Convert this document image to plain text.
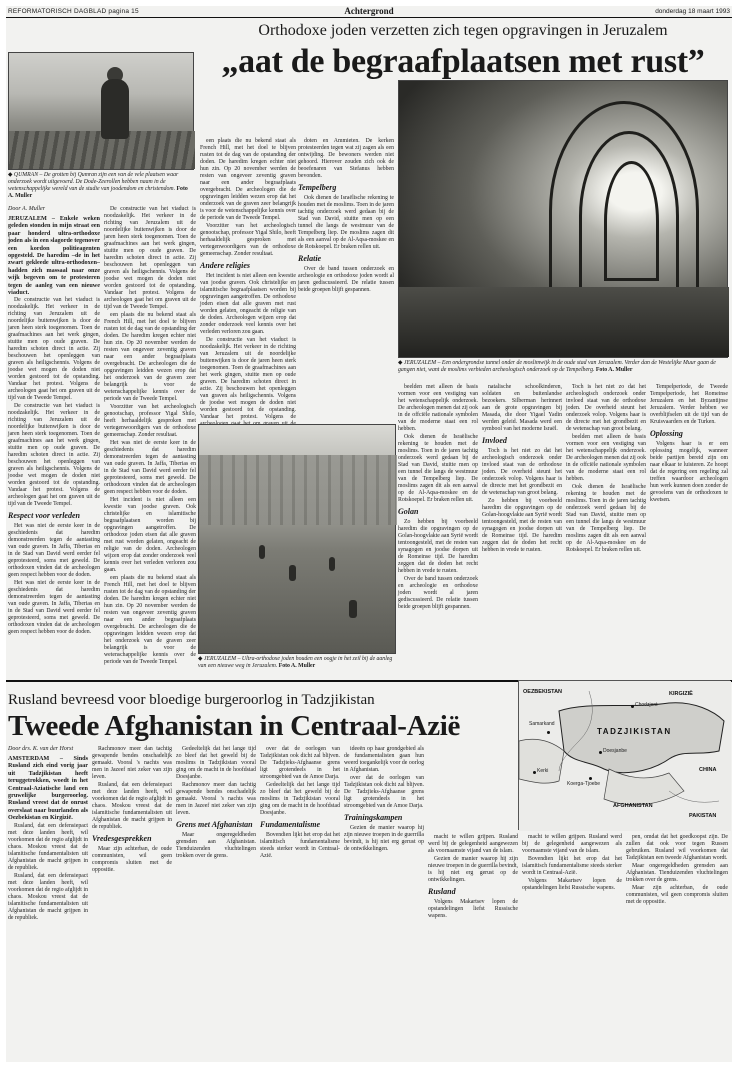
REFORMATORISCH DAGBLAD pagina 15	Achtergrond	donderdag 18 maart 1993
Orthodoxe joden verzetten zich tegen opgravingen in Jeruzalem
„aat de begraafplaatsen met rust”
◆ QUMRAN – De grotten bij Qumran zijn een van de vele plaatsen waar onderzoek wordt uitgevoerd. De Dode-Zeerollen hebben naam in de wetenschappelijke wereld van de studie van joodendom en christendom. Foto A. Muller

Door A. Muller

JERUZALEM – Enkele weken geleden stonden in mijn straat een paar honderd ultra-orthodoxe joden als in een slagorde tegenover een kordon politieagenten opgesteld. De haredim –de in het zwart gekleede ultra-orthodoxen– hadden zich massaal naar onze wijk begeven om te protesteren tegen de aanleg van een nieuwe viaduct.

De constructie van het viaduct is noodzakelijk. Het verkeer in de richting van Jeruzalem uit de noordelijke buitenwijken is door de jaren heen sterk toegenomen. Toen de graafmachines aan het werk gingen, stuitte men op oude graven. De haredim schoten direct in actie. Zij beschouwen het openleggen van graven als heiligschennis. Volgens de joodse wet mogen de doden niet worden gestoord tot de opstanding. Vandaar het protest. Volgens de archeologen gaat het om graven uit de tijd van de Tweede Tempel.

De constructie van het viaduct is noodzakelijk. Het verkeer in de richting van Jeruzalem uit de noordelijke buitenwijken is door de jaren heen sterk toegenomen. Toen de graafmachines aan het werk gingen, stuitte men op oude graven. De haredim schoten direct in actie. Zij beschouwen het openleggen van graven als heiligschennis. Volgens de joodse wet mogen de doden niet worden gestoord tot de opstanding. Vandaar het protest. Volgens de archeologen gaat het om graven uit de tijd van de Tweede Tempel.

Respect voor verleden

Het was niet de eerste keer in de geschiedenis dat haredim demonstreerden tegen de aantasting van oude graven. In Jaffa, Tiberias en in de Stad van David werd eerder fel geprotesteerd, soms met geweld. De orthodoxen vinden dat de archeologen geen respect hebben voor de doden.

Het was niet de eerste keer in de geschiedenis dat haredim demonstreerden tegen de aantasting van oude graven. In Jaffa, Tiberias en in de Stad van David werd eerder fel geprotesteerd, soms met geweld. De orthodoxen vinden dat de archeologen geen respect hebben voor de doden.

De constructie van het viaduct is noodzakelijk. Het verkeer in de richting van Jeruzalem uit de noordelijke buitenwijken is door de jaren heen sterk toegenomen. Toen de graafmachines aan het werk gingen, stuitte men op oude graven. De haredim schoten direct in actie. Zij beschouwen het openleggen van graven als heiligschennis. Volgens de joodse wet mogen de doden niet worden gestoord tot de opstanding. Vandaar het protest. Volgens de archeologen gaat het om graven uit de tijd van de Tweede Tempel.

een plaats die nu bekend staat als French Hill, met het doel te blijven rusten tot de dag van de opstanding der doden. De haredim kregen echter niet hun zin. Op 20 november werden de resten van ongeveer zeventig graven naar een ander begraafplaats overgebracht. De archeologen die de opgravingen leidden wezen erop dat het onderzoek van de graven zeer belangrijk is voor de wetenschappelijke kennis over de periode van de Tweede Tempel.

Voorzitter van het archeologisch genootschap, professor Yigal Shilo, heeft herhaaldelijk gesproken met vertegenwoordigers van de orthodoxe gemeenschap. Zonder resultaat.

Het was niet de eerste keer in de geschiedenis dat haredim demonstreerden tegen de aantasting van oude graven. In Jaffa, Tiberias en in de Stad van David werd eerder fel geprotesteerd, soms met geweld. De orthodoxen vinden dat de archeologen geen respect hebben voor de doden.

Het incident is niet alleen een kwestie van joodse graven. Ook christelijke en islamitische begraafplaatsen worden bij opgravingen aangetroffen. De orthodoxe joden eisen dat alle graven met rust worden gelaten, ongeacht de religie van de doden. Archeologen wijzen erop dat zonder onderzoek veel kennis over het verleden verloren zou gaan.

een plaats die nu bekend staat als French Hill, met het doel te blijven rusten tot de dag van de opstanding der doden. De haredim kregen echter niet hun zin. Op 20 november werden de resten van ongeveer zeventig graven naar een ander begraafplaats overgebracht. De archeologen die de opgravingen leidden wezen erop dat het onderzoek van de graven zeer belangrijk is voor de wetenschappelijke kennis over de periode van de Tweede Tempel.

een plaats die nu bekend staat als French Hill, met het doel te blijven rusten tot de dag van de opstanding der doden. De haredim kregen echter niet hun zin. Op 20 november werden de resten van ongeveer zeventig graven naar een ander begraafplaats overgebracht. De archeologen die de opgravingen leidden wezen erop dat het onderzoek van de graven zeer belangrijk is voor de wetenschappelijke kennis over de periode van de Tweede Tempel.

Voorzitter van het archeologisch genootschap, professor Yigal Shilo, heeft herhaaldelijk gesproken met vertegenwoordigers van de orthodoxe gemeenschap. Zonder resultaat.

Andere religies

Het incident is niet alleen een kwestie van joodse graven. Ook christelijke en islamitische begraafplaatsen worden bij opgravingen aangetroffen. De orthodoxe joden eisen dat alle graven met rust worden gelaten, ongeacht de religie van de doden. Archeologen wijzen erop dat zonder onderzoek veel kennis over het verleden verloren zou gaan.

De constructie van het viaduct is noodzakelijk. Het verkeer in de richting van Jeruzalem uit de noordelijke buitenwijken is door de jaren heen sterk toegenomen. Toen de graafmachines aan het werk gingen, stuitte men op oude graven. De haredim schoten direct in actie. Zij beschouwen het openleggen van graven als heiligschennis. Volgens de joodse wet mogen de doden niet worden gestoord tot de opstanding. Vandaar het protest. Volgens de

doten en Ammieten. De kerken protesteerden tegen wat zij zagen als een ontwijding. De bewoners werden niet gehoord. Hierover zouden zich ook de beoefenaren van Stefanus hebben bevonden.

Tempelberg

Ook dienen de Israëlische rekening te houden met de moslims. Toen in de jaren tachtig onderzoek werd gedaan bij de Stad van David, stuitte men op een tunnel die langs de westmuur van de Tempelberg liep. De moslims zagen dit als een aanval op de Al-Aqsa-moskee en de Rotskoepel. Er braken rellen uit.

Relatie

Over de band tussen onderzoek en archeologie en orthodoxe joden wordt al jaren gediscussieerd. De relatie tussen beide groepen blijft gespannen.

◆ JERUZALEM – Een ondergrondse tunnel onder de moslimwijk in de oude stad van Jeruzalem. Verder dan de Westelijke Muur gaan de gangen niet, want de moslims verbieden archeologisch onderzoek op de Tempelberg. Foto A. Muller
◆ JERUZALEM – Ultra-orthodoxe joden houden een oogje in het zeil bij de aanleg van een nieuwe weg in Jeruzalem. Foto A. Muller

beelden met alleen de basis vormen voor een vestiging van het wetenschappelijk onderzoek. De archeologen menen dat zij ook in de offciële nationale symbolen van de moderne staat een rol hebben.

Ook dienen de Israëlische rekening te houden met de moslims. Toen in de jaren tachtig onderzoek werd gedaan bij de Stad van David, stuitte men op een tunnel die langs de westmuur van de Tempelberg liep. De moslims zagen dit als een aanval op de Al-Aqsa-moskee en de Rotskoepel. Er braken rellen uit.

Golan

Zo hebben bij voorbeeld haredim die opgravingen op de Golan-hoogvlakte aan Syrië wordt tentoongesteld, met de resten van synagogen en joodse dorpen uit de Romeinse tijd. De haredim zeggen dat de doden het recht hebben in vrede te rusten.

Over de band tussen onderzoek en archeologie en orthodoxe joden wordt al jaren gediscussieerd. De relatie tussen beide groepen blijft gespannen.

natalische schoolkinderen, soldaten en buitenlandse bezoekers. Silberman herinnert aan de grote opgravingen bij Masada, die door Yigael Yadin werden geleid. Masada werd een symbool van het moderne Israël.

Invloed

Toch is het niet zo dat het archeologisch onderzoek onder invloed staat van de orthodoxe joden. De overheid steunt het onderzoek volop. Volgens haar is de directe met het grondbezit en de wetenschap van groot belang.

Zo hebben bij voorbeeld haredim die opgravingen op de Golan-hoogvlakte aan Syrië wordt tentoongesteld, met de resten van synagogen en joodse dorpen uit de Romeinse tijd. De haredim zeggen dat de doden het recht hebben in vrede te rusten.

Toch is het niet zo dat het archeologisch onderzoek onder invloed staat van de orthodoxe joden. De overheid steunt het onderzoek volop. Volgens haar is de directe met het grondbezit en de wetenschap van groot belang.

beelden met alleen de basis vormen voor een vestiging van het wetenschappelijk onderzoek. De archeologen menen dat zij ook in de offciële nationale symbolen van de moderne staat een rol hebben.

Ook dienen de Israëlische rekening te houden met de moslims. Toen in de jaren tachtig onderzoek werd gedaan bij de Stad van David, stuitte men op een tunnel die langs de westmuur van de Tempelberg liep. De moslims zagen dit als een aanval op de Al-Aqsa-moskee en de Rotskoepel. Er braken rellen uit.

Tempelperiode, de Tweede Tempelperiode, het Romeinse Jeruzalem en het Byzantijnse Jeruzalem. Verder hebben we overblijfselen uit de tijd van de Kruisvaarders en de Turken.

Oplossing

Volgens haar is er een oplossing mogelijk, wanneer beide partijen bereid zijn om naar elkaar te luisteren. Ze hoopt dat de regering een regeling zal treffen waardoor archeologen hun werk kunnen doen zonder de gevoelens van de orthodoxen te kwetsen.

Rusland bevreesd voor bloedige burgeroorlog in Tadzjikistan
Tweede Afghanistan in Centraal-Azië

Door drs. K. van der Horst

AMSTERDAM – Sinds Rusland zich eind vorig jaar uit Tadzjikistan heeft teruggetrokken, woedt in het Centraal-Aziatische land een gruwelijke burgeroorlog. Rusland vreest dat de onrust overslaat naar buurlanden als Oezbekistan en Kirgizië.

Rusland, dat een defensiepact met deze landen heeft, wil voorkomen dat de regio afglijdt in chaos. Moskou vreest dat de islamitische fundamentalisten uit Afghanistan de macht grijpen in de republiek.

Rusland, dat een defensiepact met deze landen heeft, wil voorkomen dat de regio afglijdt in chaos. Moskou vreest dat de islamitische fundamentalisten uit Afghanistan de macht grijpen in de republiek.

Rachmonov meer dan tachtig gewapende bendes onschadelijk gemaakt. Vooral 's nachts was men in Jazeef niet zeker van zijn leven.

Rusland, dat een defensiepact met deze landen heeft, wil voorkomen dat de regio afglijdt in chaos. Moskou vreest dat de islamitische fundamentalisten uit Afghanistan de macht grijpen in de republiek.

Vredesgesprekken

Maar zijn achterban, de oude communisten, wil geen compromis sluiten met de oppositie.

Gedeeltelijk dat het lange tijd zo bleef dat het geweld bij de moslims in Tadzjikistan vooral ging om de macht in de hoofdstad Doesjanbe.

Rachmonov meer dan tachtig gewapende bendes onschadelijk gemaakt. Vooral 's nachts was men in Jazeef niet zeker van zijn leven.

Grens met Afghanistan

Maar ongeregeldheden grensden aan Afghanistan. Tienduizenden vluchtelingen trokken over de grens.

over dat de oorlogen van Tadzjikistan ook dicht zal blijven. De Tadzjieks-Afghaanse grens ligt grotendeels in het stroomgebied van de Amoe Darja.

Gedeeltelijk dat het lange tijd zo bleef dat het geweld bij de moslims in Tadzjikistan vooral ging om de macht in de hoofdstad Doesjanbe.

Fundamentalisme

Bovendien lijkt het erop dat het islamitisch fundamentalisme steeds sterker wordt in Centraal-Azië.

ideeën op haar grondgebied als de fundamentalisten gaan hun weerd toegankelijk voor de oorlog in Afghanistan.

over dat de oorlogen van Tadzjikistan ook dicht zal blijven. De Tadzjieks-Afghaanse grens ligt grotendeels in het stroomgebied van de Amoe Darja.

Trainingskampen

Gezien de manier waarop hij zijn nieuwe troepen in de guerrilla bevindt, is hij niet erg gerust op de ontwikkelingen.

macht te willen grijpen. Rusland werd bij de gelegenheid aangewezen als voornaamste vijand van de islam.

Gezien de manier waarop hij zijn nieuwe troepen in de guerrilla bevindt, is hij niet erg gerust op de ontwikkelingen.

Rusland

Volgens Makartsev lopen de opstandelingen liefst Russische wapens.

macht te willen grijpen. Rusland werd bij de gelegenheid aangewezen als voornaamste vijand van de islam.

Bovendien lijkt het erop dat het islamitisch fundamentalisme steeds sterker wordt in Centraal-Azië.

Volgens Makartsev lopen de opstandelingen liefst Russische wapens.

pen, omdat dat het goedkoopst zijn. De zullen dat ook voor tegen Russen gebruiken. Rusland wil voorkomen dat Tadzjikistan een tweede Afghanistan wordt.

Maar ongeregeldheden grensden aan Afghanistan. Tienduizenden vluchtelingen trokken over de grens.

Maar zijn achterban, de oude communisten, wil geen compromis sluiten met de oppositie.

OEZBEKISTAN	KIRGIZIË
TADZJIKISTAN
AFGHANISTAN
PAKISTAN
CHINA
Doesjanbe
Chodzjent
Samarkand
Kerki
Koerga-Tjoebe
